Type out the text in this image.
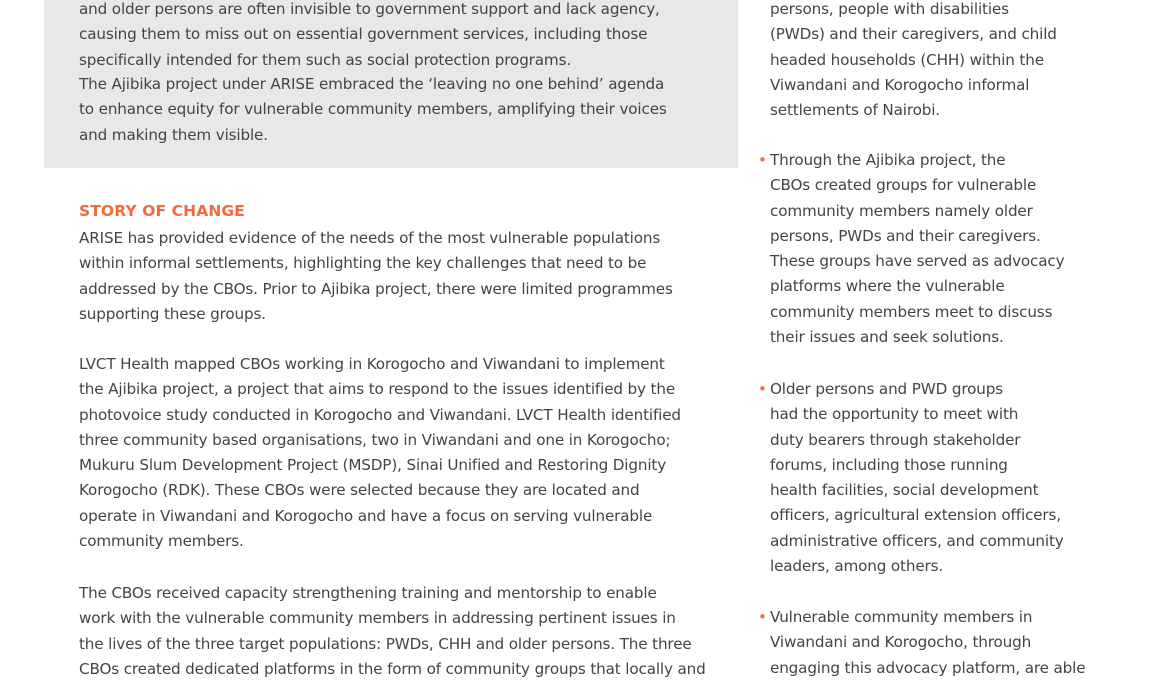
and older persons are often invisible to government support and lack agency,
causing them to miss out on essential government services, including those
specifically intended for them such as social protection programs.

The Ajibika project under ARISE embraced the ‘leaving no one behind’ agenda
to enhance equity for vulnerable community members, amplifying their voices
and making them visible.

STORY OF CHANGE

ARISE has provided evidence of the needs of the most vulnerable populations
within informal settlements, highlighting the key challenges that need to be
addressed by the CBOs. Prior to Ajibika project, there were limited programmes
supporting these groups.

LVCT Health mapped CBOs working in Korogocho and Viwandani to implement
the Ajibika project, a project that aims to respond to the issues identified by the
photovoice study conducted in Korogocho and Viwandani. LVCT Health identified
three community based organisations, two in Viwandani and one in Korogocho;
Mukuru Slum Development Project (MSDP), Sinai Unified and Restoring Dignity
Korogocho (RDK). These CBOs were selected because they are located and
operate in Viwandani and Korogocho and have a focus on serving vulnerable
community members.

The CBOs received capacity strengthening training and mentorship to enable
work with the vulnerable community members in addressing pertinent issues in
the lives of the three target populations: PWDs, CHH and older persons. The three
CBOs created dedicated platforms in the form of community groups that locally and

persons, people with disabilities
(PWDs) and their caregivers, and child
headed households (CHH) within the
Viwandani and Korogocho informal
settlements of Nairobi.
• Through the Ajibika project, the
CBOs created groups for vulnerable
community members namely older
persons, PWDs and their caregivers.
These groups have served as advocacy
platforms where the vulnerable
community members meet to discuss
their issues and seek solutions.
• Older persons and PWD groups
had the opportunity to meet with
duty bearers through stakeholder
forums, including those running
health facilities, social development
officers, agricultural extension officers,
administrative officers, and community
leaders, among others.
• Vulnerable community members in
Viwandani and Korogocho, through
engaging this advocacy platform, are able
